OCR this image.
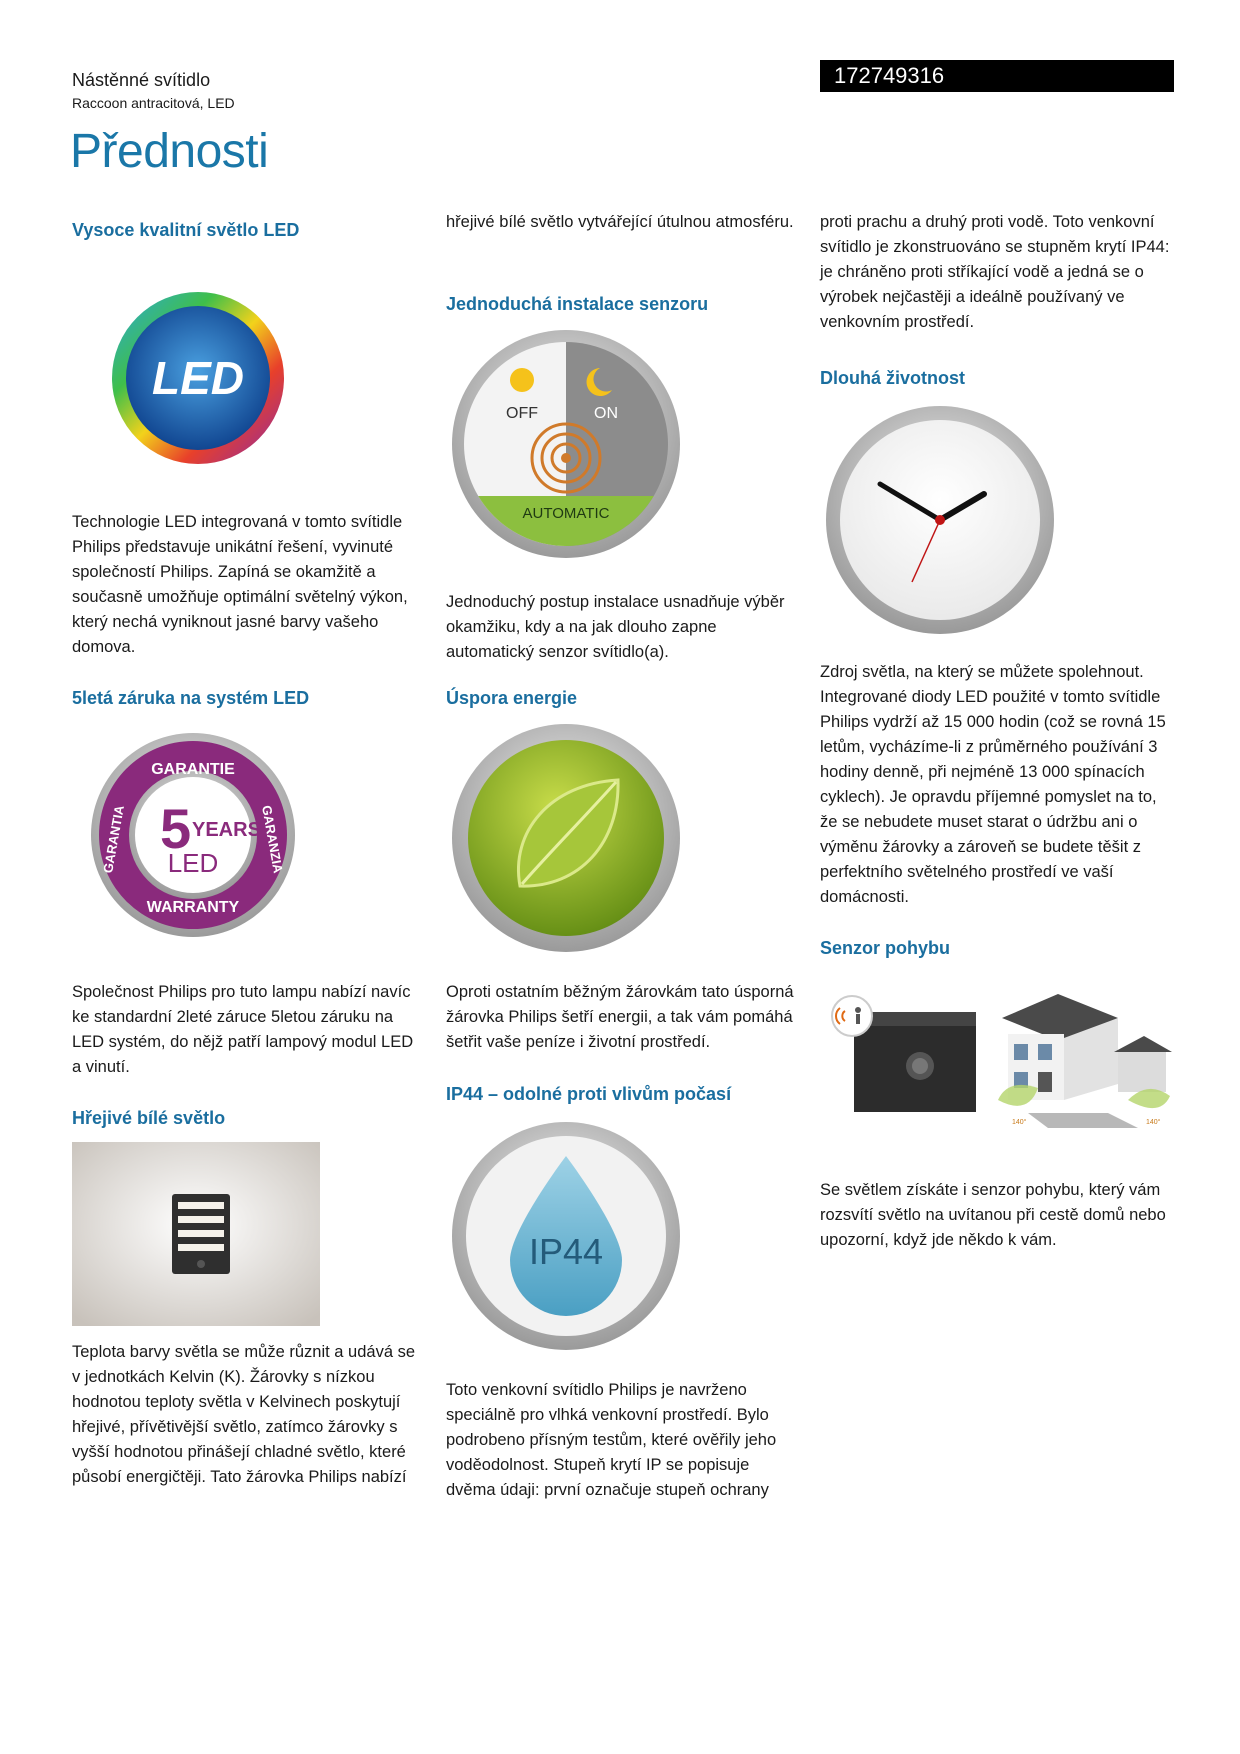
Nástěnné svítidlo
Raccoon antracitová, LED
172749316
Přednosti
Vysoce kvalitní světlo LED
LED
Technologie LED integrovaná v tomto svítidle Philips představuje unikátní řešení, vyvinuté společností Philips. Zapíná se okamžitě a současně umožňuje optimální světelný výkon, který nechá vyniknout jasné barvy vašeho domova.
5letá záruka na systém LED
GARANTIE
WARRANTY
GARANZIA
GARANTIA 5 YEARS
LED
Společnost Philips pro tuto lampu nabízí navíc ke standardní 2leté záruce 5letou záruku na LED systém, do nějž patří lampový modul LED a vinutí.
Hřejivé bílé světlo
Teplota barvy světla se může různit a udává se v jednotkách Kelvin (K). Žárovky s nízkou hodnotou teploty světla v Kelvinech poskytují hřejivé, přívětivější světlo, zatímco žárovky s vyšší hodnotou přinášejí chladné světlo, které působí energičtěji. Tato žárovka Philips nabízí
hřejivé bílé světlo vytvářející útulnou atmosféru.
Jednoduchá instalace senzoru
OFF	ON
AUTOMATIC
Jednoduchý postup instalace usnadňuje výběr okamžiku, kdy a na jak dlouho zapne automatický senzor svítidlo(a).
Úspora energie
Oproti ostatním běžným žárovkám tato úsporná žárovka Philips šetří energii, a tak vám pomáhá šetřit vaše peníze i životní prostředí.
IP44 – odolné proti vlivům počasí
IP44
Toto venkovní svítidlo Philips je navrženo speciálně pro vlhká venkovní prostředí. Bylo podrobeno přísným testům, které ověřily jeho voděodolnost. Stupeň krytí IP se popisuje dvěma údaji: první označuje stupeň ochrany
proti prachu a druhý proti vodě. Toto venkovní svítidlo je zkonstruováno se stupněm krytí IP44: je chráněno proti stříkající vodě a jedná se o výrobek nejčastěji a ideálně používaný ve venkovním prostředí.
Dlouhá životnost
Zdroj světla, na který se můžete spolehnout. Integrované diody LED použité v tomto svítidle Philips vydrží až 15 000 hodin (což se rovná 15 letům, vycházíme-li z průměrného používání 3 hodiny denně, při nejméně 13 000 spínacích cyklech). Je opravdu příjemné pomyslet na to, že se nebudete muset starat o údržbu ani o výměnu žárovky a zároveň se budete těšit z perfektního světelného prostředí ve vaší domácnosti.
Senzor pohybu
140°	140°
Se světlem získáte i senzor pohybu, který vám rozsvítí světlo na uvítanou při cestě domů nebo upozorní, když jde někdo k vám.
